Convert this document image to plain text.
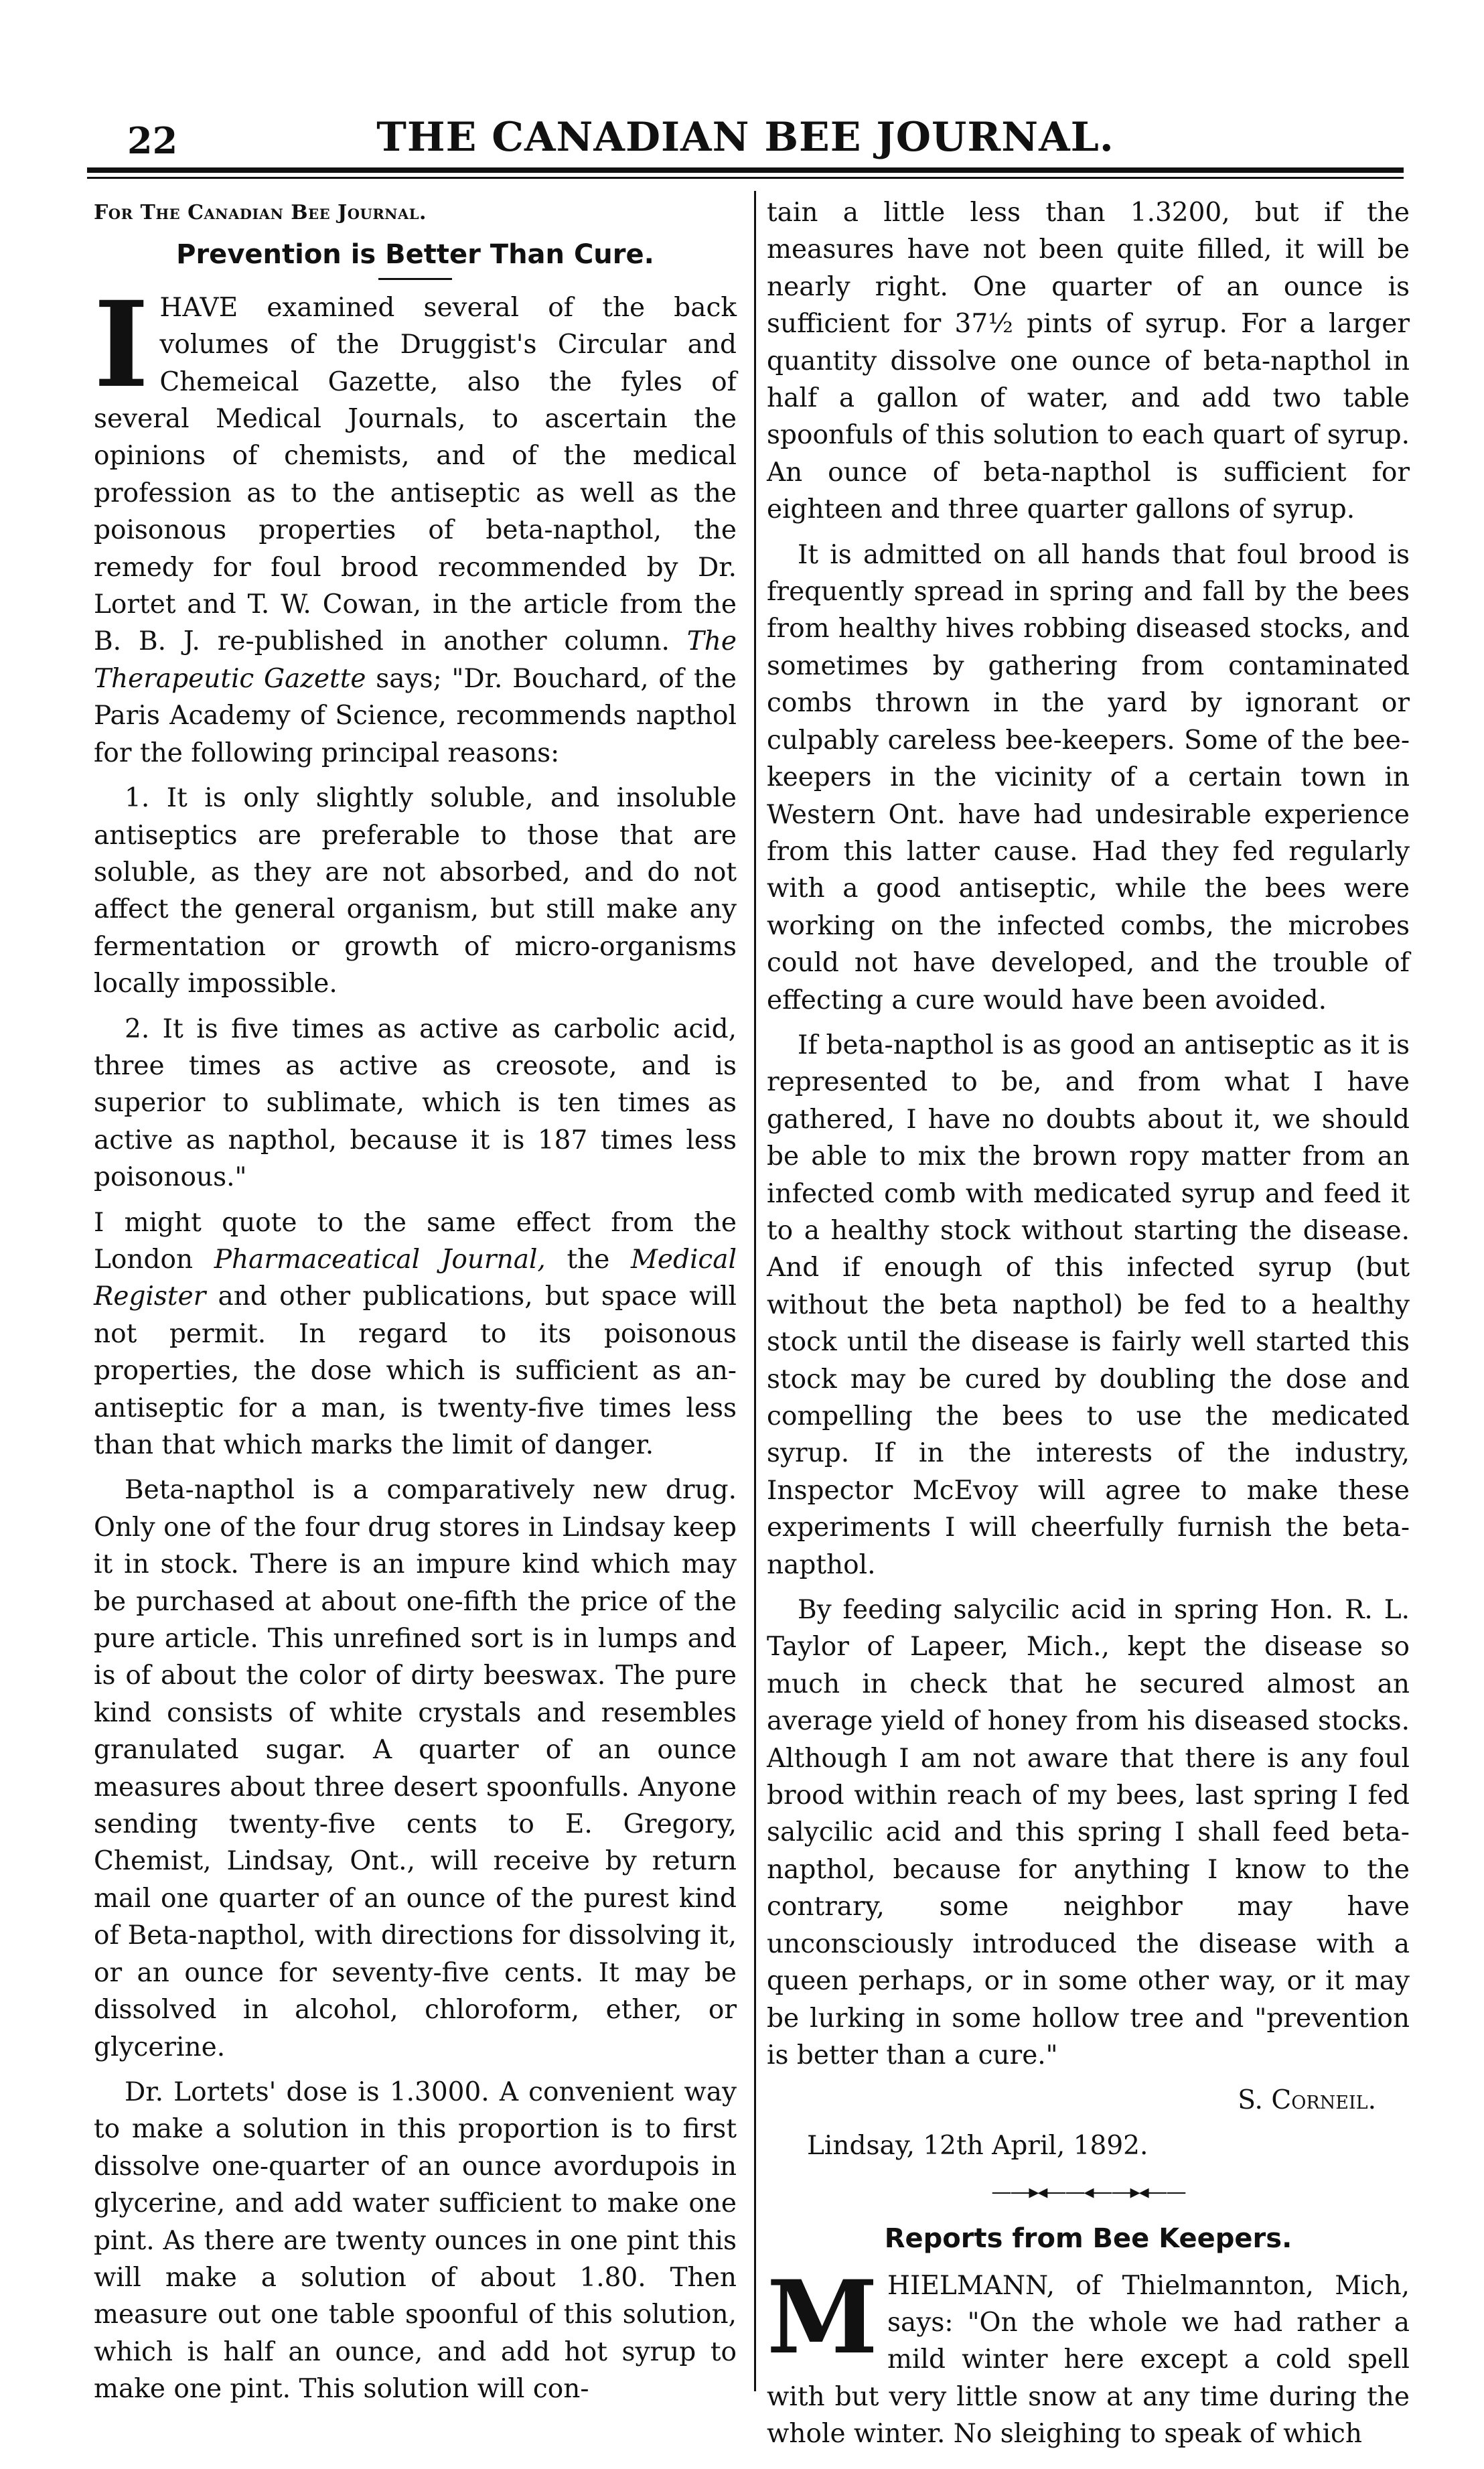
22	THE CANADIAN BEE JOURNAL.

For The Canadian Bee Journal.

Prevention is Better Than Cure.

IHAVE examined several of the back volumes of the Druggist's Circular and Chemeical Gazette, also the fyles of several Medical Journals, to ascertain the opinions of chemists, and of the medical profession as to the antiseptic as well as the poisonous properties of beta-napthol, the remedy for foul brood recommended by Dr. Lortet and T. W. Cowan, in the article from the B. B. J. re-published in another column. The Therapeutic Gazette says; "Dr. Bouchard, of the Paris Academy of Science, recommends napthol for the following principal reasons:

1. It is only slightly soluble, and insoluble antiseptics are preferable to those that are soluble, as they are not absorbed, and do not affect the general organism, but still make any fermentation or growth of micro-organisms locally impossible.

2. It is five times as active as carbolic acid, three times as active as creosote, and is superior to sublimate, which is ten times as active as napthol, because it is 187 times less poisonous."

I might quote to the same effect from the London Pharmaceatical Journal, the Medical Register and other publications, but space will not permit. In regard to its poisonous properties, the dose which is sufficient as an- antiseptic for a man, is twenty-five times less than that which marks the limit of danger.

Beta-napthol is a comparatively new drug. Only one of the four drug stores in Lindsay keep it in stock. There is an impure kind which may be purchased at about one-fifth the price of the pure article. This unrefined sort is in lumps and is of about the color of dirty beeswax. The pure kind consists of white crystals and resembles granulated sugar. A quarter of an ounce measures about three desert spoonfulls. Anyone sending twenty-five cents to E. Gregory, Chemist, Lindsay, Ont., will receive by return mail one quarter of an ounce of the purest kind of Beta-napthol, with directions for dissolving it, or an ounce for seventy-five cents. It may be dissolved in alcohol, chloroform, ether, or glycerine.

Dr. Lortets' dose is 1.3000. A convenient way to make a solution in this proportion is to first dissolve one-quarter of an ounce avordupois in glycerine, and add water sufficient to make one pint. As there are twenty ounces in one pint this will make a solution of about 1.80. Then measure out one table spoonful of this solution, which is half an ounce, and add hot syrup to make one pint. This solution will con-

tain a little less than 1.3200, but if the measures have not been quite filled, it will be nearly right. One quarter of an ounce is sufficient for 37½ pints of syrup. For a larger quantity dissolve one ounce of beta-napthol in half a gallon of water, and add two table spoonfuls of this solution to each quart of syrup. An ounce of beta-napthol is sufficient for eighteen and three quarter gallons of syrup.

It is admitted on all hands that foul brood is frequently spread in spring and fall by the bees from healthy hives robbing diseased stocks, and sometimes by gathering from contaminated combs thrown in the yard by ignorant or culpably careless bee-keepers. Some of the bee-keepers in the vicinity of a certain town in Western Ont. have had undesirable experience from this latter cause. Had they fed regularly with a good antiseptic, while the bees were working on the infected combs, the microbes could not have developed, and the trouble of effecting a cure would have been avoided.

If beta-napthol is as good an antiseptic as it is represented to be, and from what I have gathered, I have no doubts about it, we should be able to mix the brown ropy matter from an infected comb with medicated syrup and feed it to a healthy stock without starting the disease. And if enough of this infected syrup (but without the beta napthol) be fed to a healthy stock until the disease is fairly well started this stock may be cured by doubling the dose and compelling the bees to use the medicated syrup. If in the interests of the industry, Inspector McEvoy will agree to make these experiments I will cheerfully furnish the beta-napthol.

By feeding salycilic acid in spring Hon. R. L. Taylor of Lapeer, Mich., kept the disease so much in check that he secured almost an average yield of honey from his diseased stocks. Although I am not aware that there is any foul brood within reach of my bees, last spring I fed salycilic acid and this spring I shall feed beta-napthol, because for anything I know to the contrary, some neighbor may have unconsciously introduced the disease with a queen perhaps, or in some other way, or it may be lurking in some hollow tree and "prevention is better than a cure."

S. Corneil.

Lindsay, 12th April, 1892.

——▸◂——◂——▸◂——

Reports from Bee Keepers.

MHIELMANN, of Thielmannton, Mich, says: "On the whole we had rather a mild winter here except a cold spell with but very little snow at any time during the whole winter. No sleighing to speak of which
